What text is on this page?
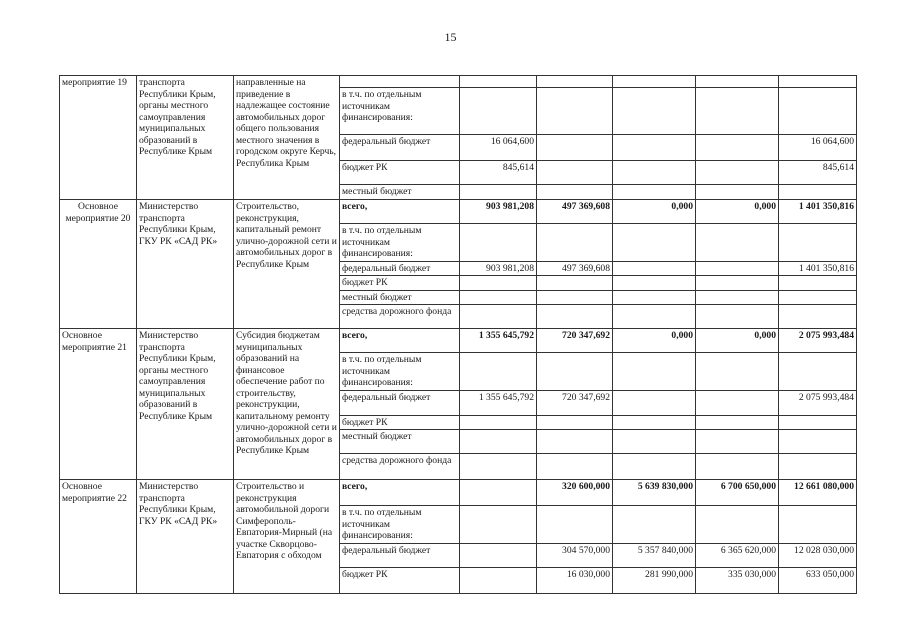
15
мероприятие 19	транспорта Республики Крым, органы местного самоуправления муниципальных образований в Республике Крым	направленные на приведение в надлежащее состояние автомобильных дорог общего пользования местного значения в городском округе Керчь, Республика Крым						
			в т.ч. по отдельным источникам финансирования:					
			федеральный бюджет	16 064,600				16 064,600
			бюджет РК	845,614				845,614
			местный бюджет					
Основное мероприятие 20	Министерство транспорта Республики Крым, ГКУ РК «САД РК»	Строительство, реконструкция, капитальный ремонт улично-дорожной сети и автомобильных дорог в Республике Крым	всего,	903 981,208	497 369,608	0,000	0,000	1 401 350,816
			в т.ч. по отдельным источникам финансирования:					
			федеральный бюджет	903 981,208	497 369,608			1 401 350,816
			бюджет РК					
			местный бюджет					
			средства дорожного фонда					
Основное мероприятие 21	Министерство транспорта Республики Крым, органы местного самоуправления муниципальных образований в Республике Крым	Субсидия бюджетам муниципальных образований на финансовое обеспечение работ по строительству, реконструкции, капитальному ремонту улично-дорожной сети и автомобильных дорог в Республике Крым	всего,	1 355 645,792	720 347,692	0,000	0,000	2 075 993,484
			в т.ч. по отдельным источникам финансирования:					
			федеральный бюджет	1 355 645,792	720 347,692			2 075 993,484
			бюджет РК					
			местный бюджет					
			средства дорожного фонда					
Основное мероприятие 22	Министерство транспорта Республики Крым, ГКУ РК «САД РК»	Строительство и реконструкция автомобильной дороги Симферополь-Евпатория-Мирный (на участке Скворцово-Евпатория с обходом	всего,		320 600,000	5 639 830,000	6 700 650,000	12 661 080,000
			в т.ч. по отдельным источникам финансирования:					
			федеральный бюджет		304 570,000	5 357 840,000	6 365 620,000	12 028 030,000
			бюджет РК		16 030,000	281 990,000	335 030,000	633 050,000
